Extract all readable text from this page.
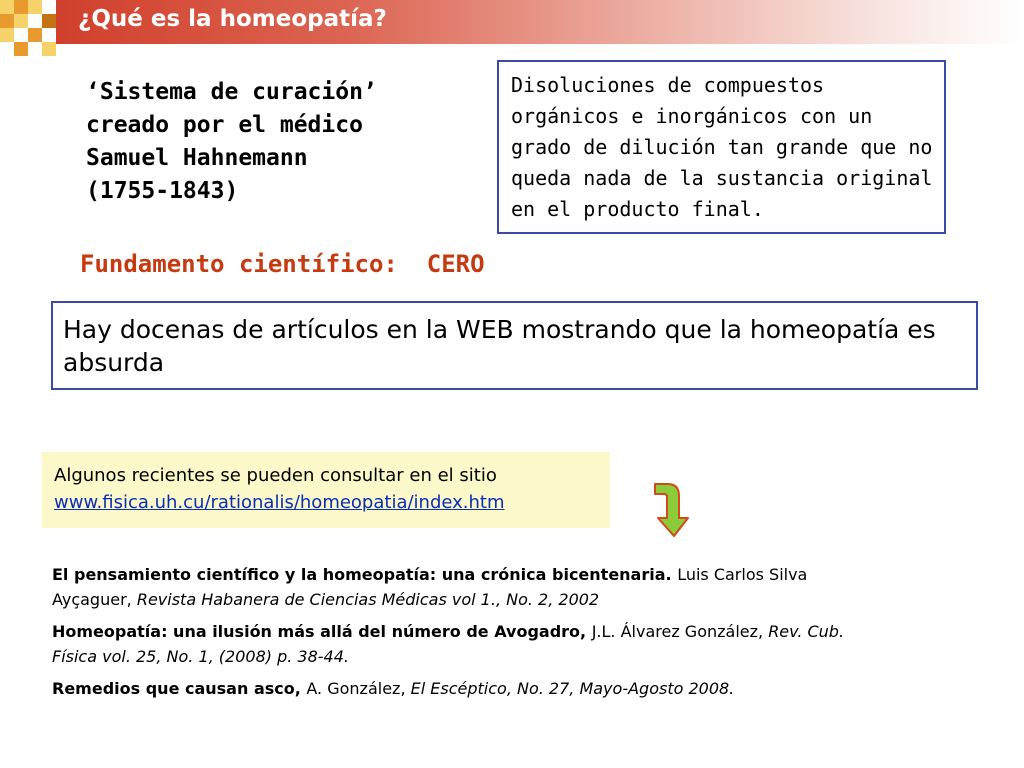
¿Qué es la homeopatía?
‘Sistema de curación’
creado por el médico
Samuel Hahnemann
(1755-1843)
Disoluciones de compuestos orgánicos e inorgánicos con un grado de dilución tan grande que no queda nada de la sustancia original en el producto final.
Fundamento científico:  CERO
Hay docenas de artículos en la WEB mostrando que la homeopatía es absurda
Algunos recientes se pueden consultar en el sitio
www.fisica.uh.cu/rationalis/homeopatia/index.htm
El pensamiento científico y la homeopatía: una crónica bicentenaria. Luis Carlos Silva Ayçaguer, Revista Habanera de Ciencias Médicas vol 1., No. 2, 2002
Homeopatía: una ilusión más allá del número de Avogadro, J.L. Álvarez González, Rev. Cub. Física vol. 25, No. 1, (2008) p. 38-44.
Remedios que causan asco, A. González, El Escéptico, No. 27, Mayo-Agosto 2008.
